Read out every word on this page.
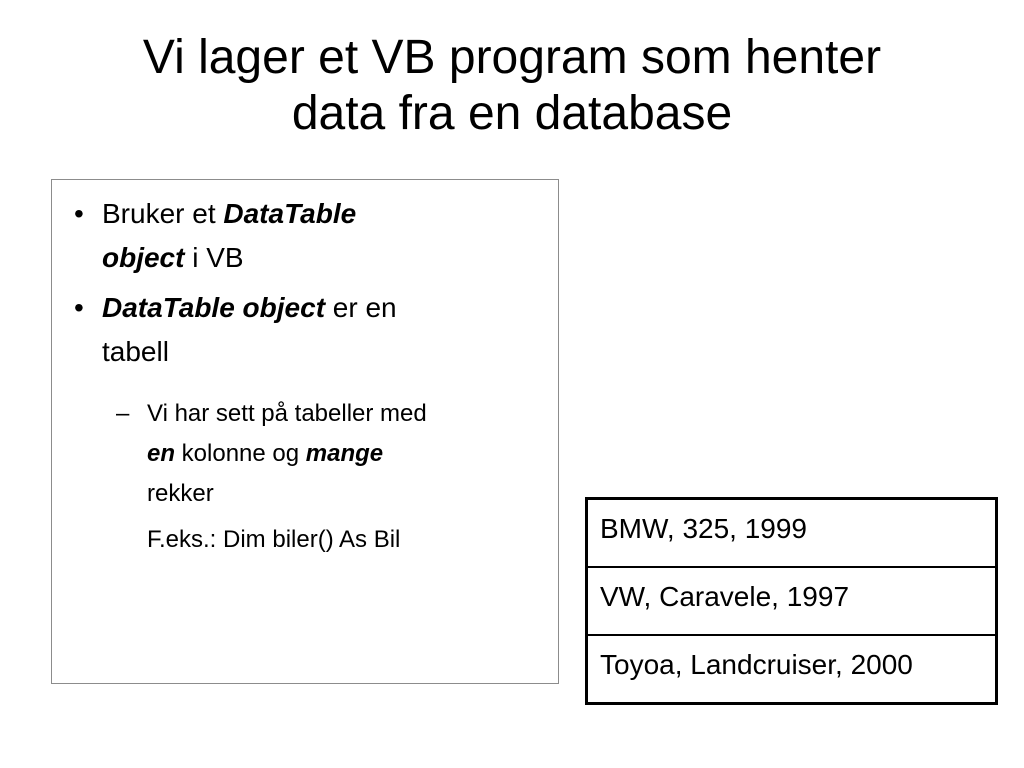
Vi lager et VB program som henter
data fra en database
• Bruker et DataTable
object i VB
• DataTable object er en
tabell
– Vi har sett på tabeller med
en kolonne og mange
rekker
F.eks.: Dim biler() As Bil	BMW, 325, 1999
VW, Caravele, 1997
Toyoa, Landcruiser, 2000
